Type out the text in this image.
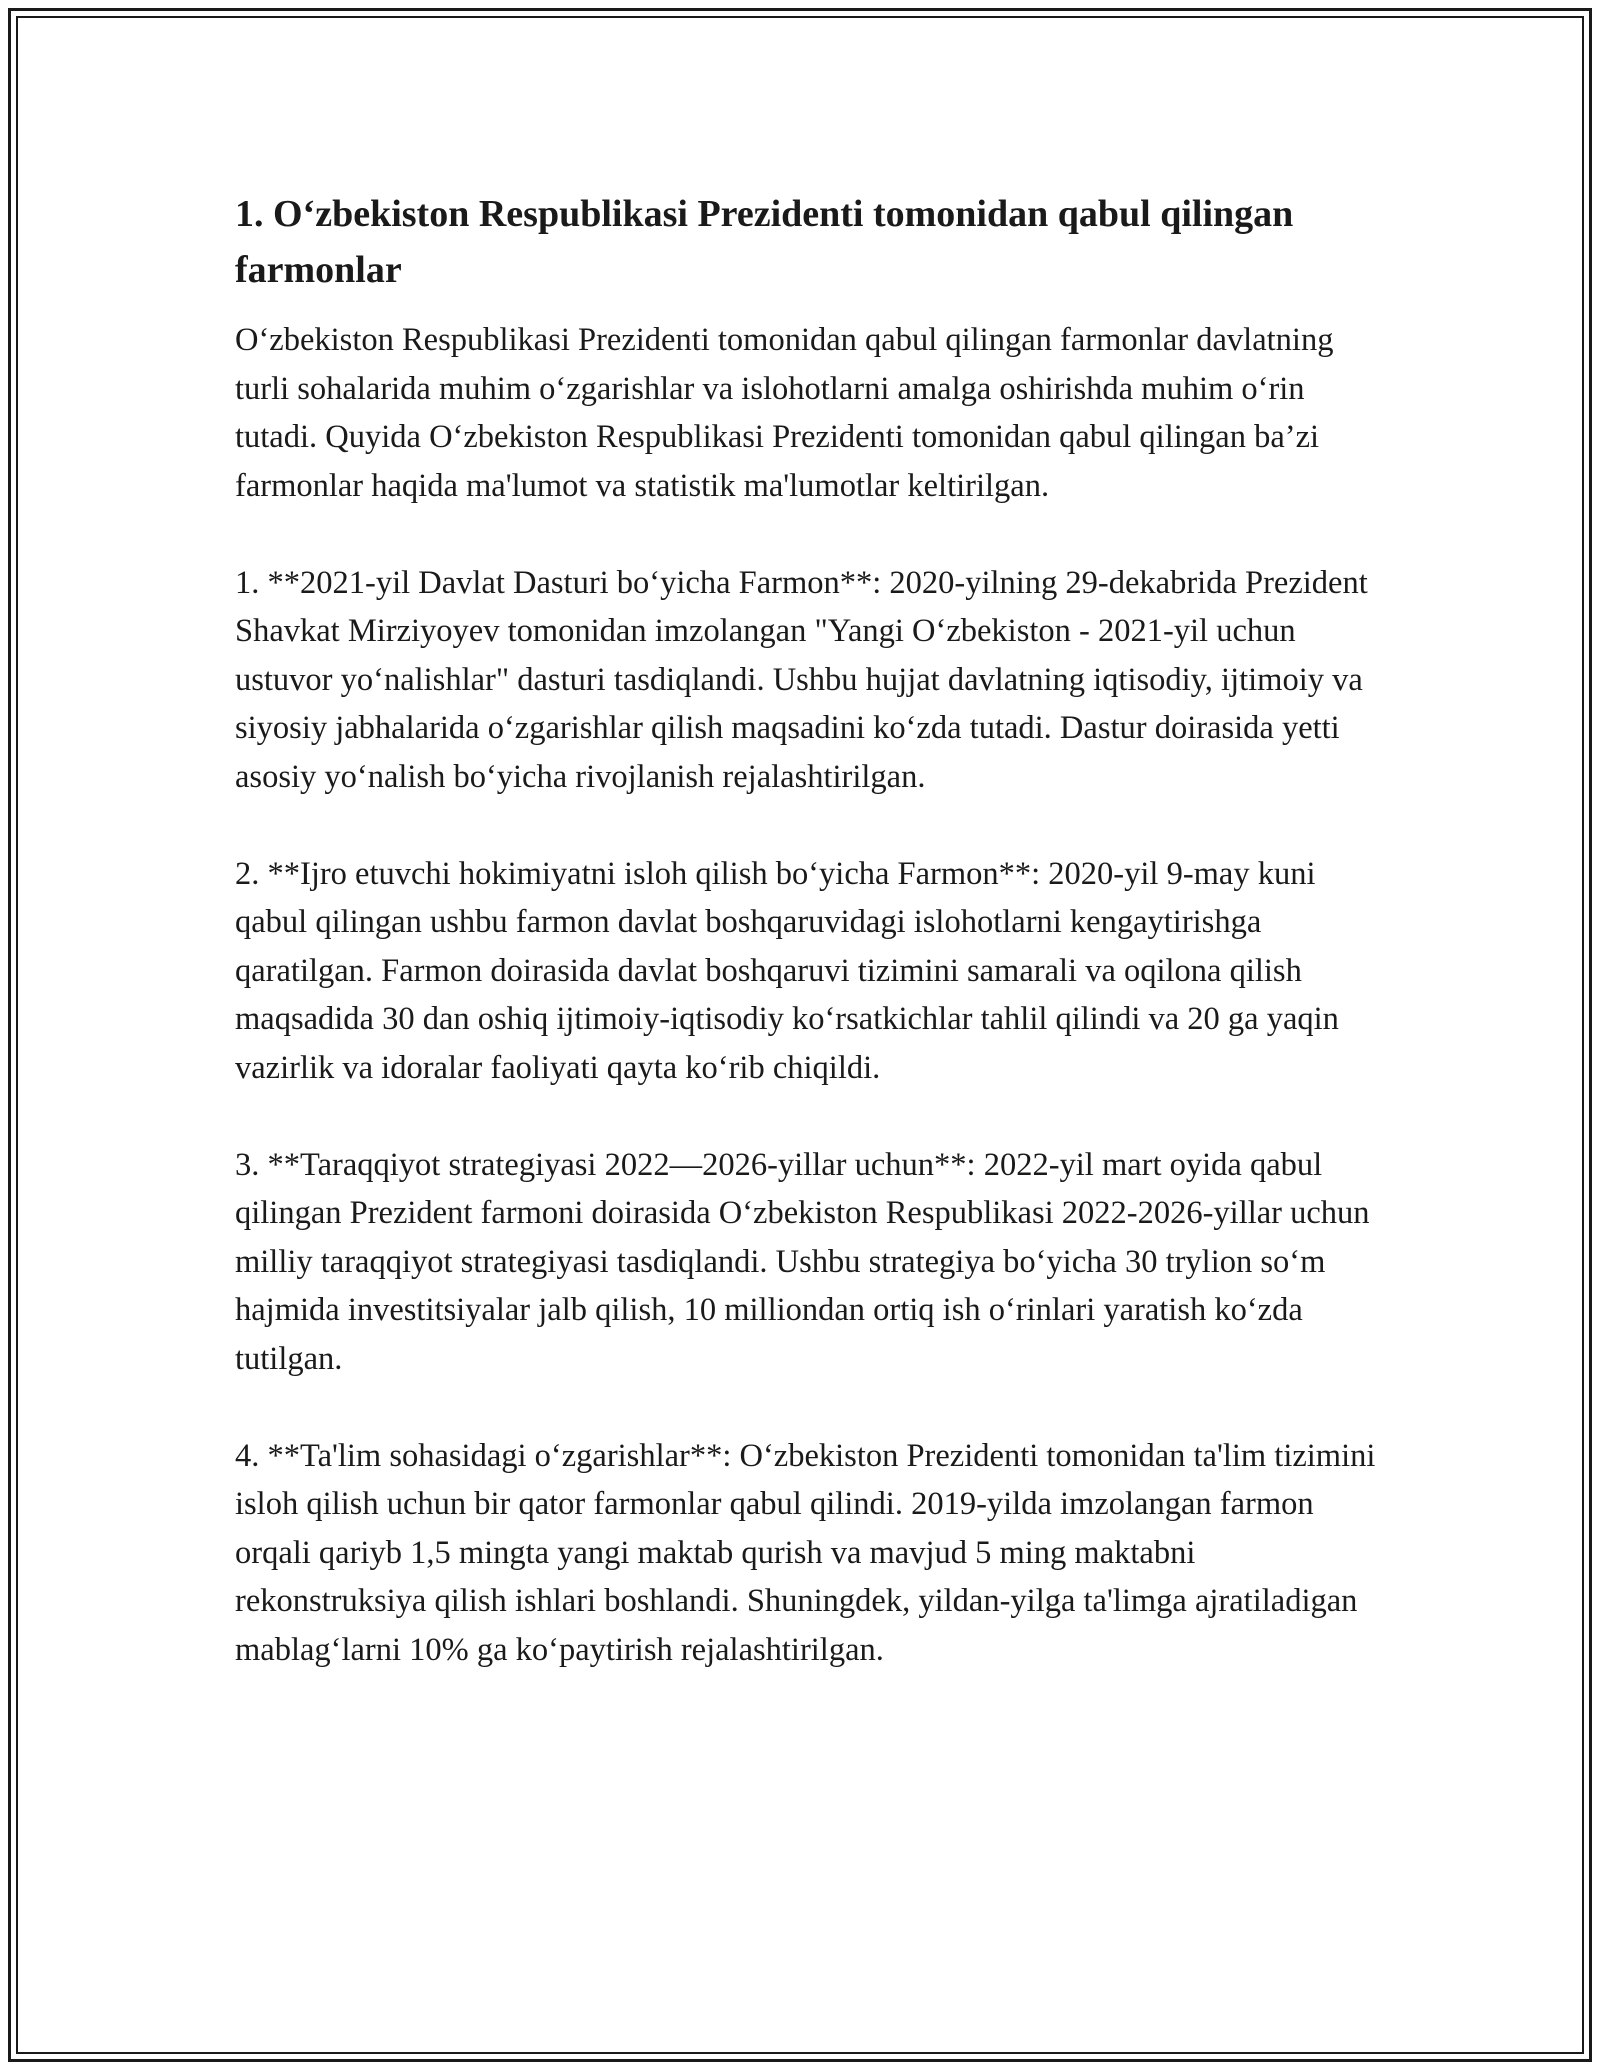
1. O‘zbekiston Respublikasi Prezidenti tomonidan qabul qilingan farmonlar

O‘zbekiston Respublikasi Prezidenti tomonidan qabul qilingan farmonlar davlatning turli sohalarida muhim o‘zgarishlar va islohotlarni amalga oshirishda muhim o‘rin tutadi. Quyida O‘zbekiston Respublikasi Prezidenti tomonidan qabul qilingan ba’zi farmonlar haqida ma'lumot va statistik ma'lumotlar keltirilgan.

1. **2021-yil Davlat Dasturi bo‘yicha Farmon**: 2020-yilning 29-dekabrida Prezident Shavkat Mirziyoyev tomonidan imzolangan "Yangi O‘zbekiston - 2021-yil uchun ustuvor yo‘nalishlar" dasturi tasdiqlandi. Ushbu hujjat davlatning iqtisodiy, ijtimoiy va siyosiy jabhalarida o‘zgarishlar qilish maqsadini ko‘zda tutadi. Dastur doirasida yetti asosiy yo‘nalish bo‘yicha rivojlanish rejalashtirilgan.

2. **Ijro etuvchi hokimiyatni isloh qilish bo‘yicha Farmon**: 2020-yil 9-may kuni qabul qilingan ushbu farmon davlat boshqaruvidagi islohotlarni kengaytirishga qaratilgan. Farmon doirasida davlat boshqaruvi tizimini samarali va oqilona qilish maqsadida 30 dan oshiq ijtimoiy-iqtisodiy ko‘rsatkichlar tahlil qilindi va 20 ga yaqin vazirlik va idoralar faoliyati qayta ko‘rib chiqildi.

3. **Taraqqiyot strategiyasi 2022—2026-yillar uchun**: 2022-yil mart oyida qabul qilingan Prezident farmoni doirasida O‘zbekiston Respublikasi 2022-2026-yillar uchun milliy taraqqiyot strategiyasi tasdiqlandi. Ushbu strategiya bo‘yicha 30 trylion so‘m hajmida investitsiyalar jalb qilish, 10 milliondan ortiq ish o‘rinlari yaratish ko‘zda tutilgan.

4. **Ta'lim sohasidagi o‘zgarishlar**: O‘zbekiston Prezidenti tomonidan ta'lim tizimini isloh qilish uchun bir qator farmonlar qabul qilindi. 2019-yilda imzolangan farmon orqali qariyb 1,5 mingta yangi maktab qurish va mavjud 5 ming maktabni rekonstruksiya qilish ishlari boshlandi. Shuningdek, yildan-yilga ta'limga ajratiladigan mablag‘larni 10% ga ko‘paytirish rejalashtirilgan.
